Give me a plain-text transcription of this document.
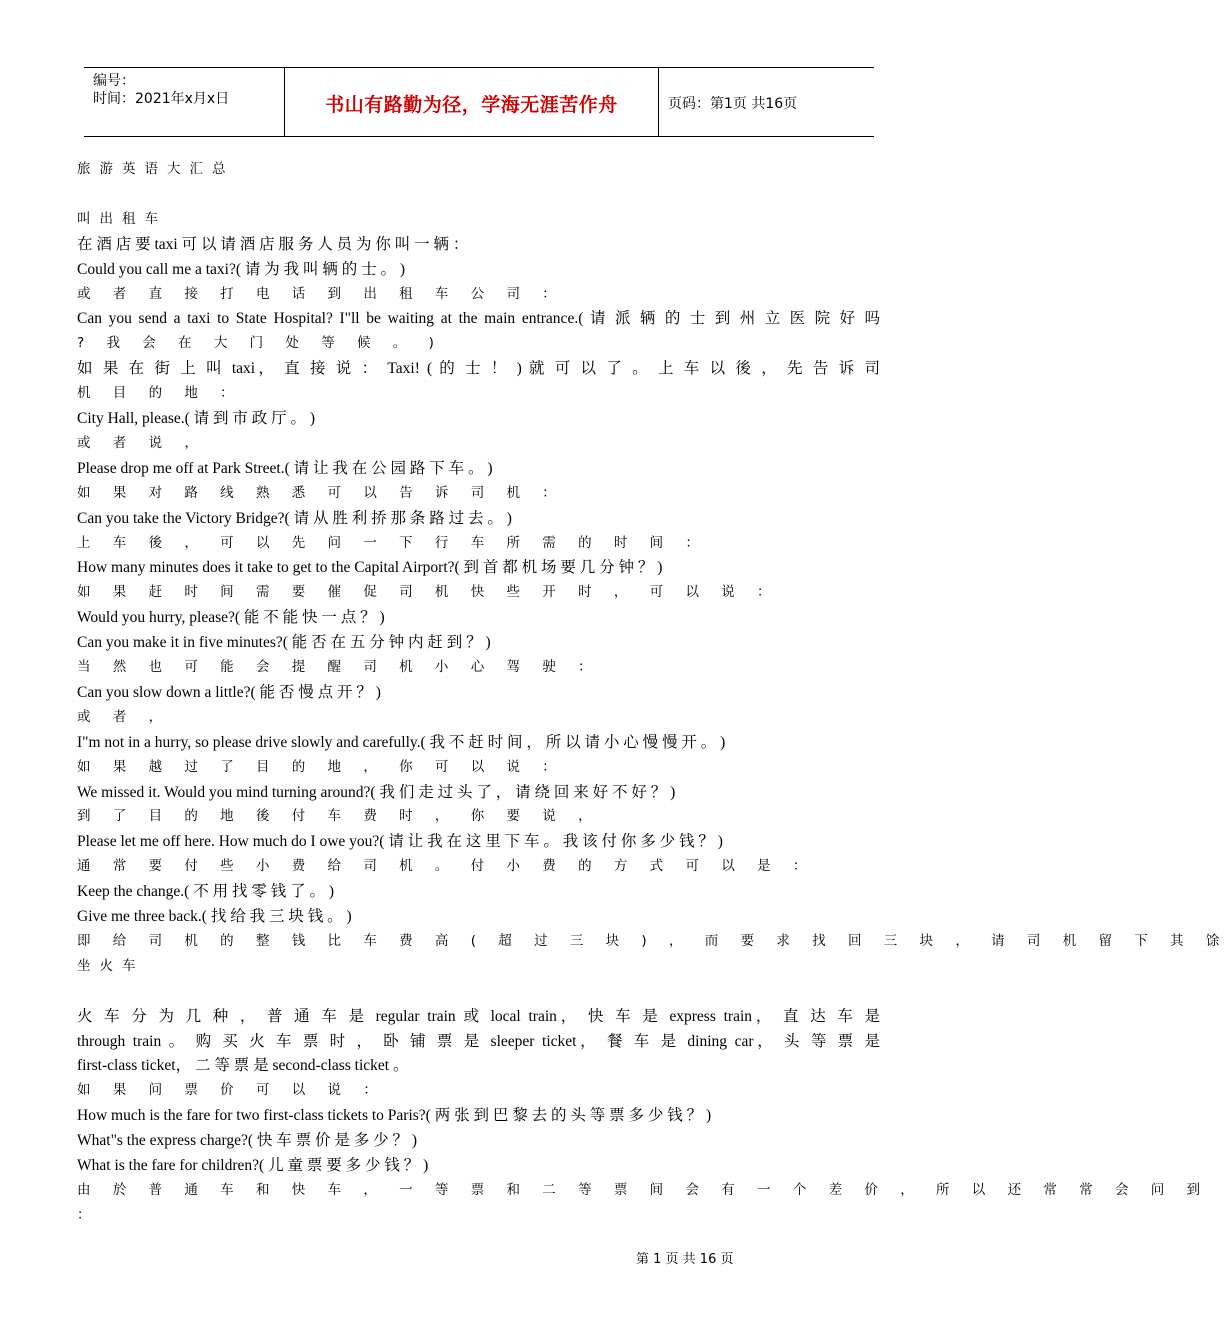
编号：
时间：2021年x月x日	书山有路勤为径，学海无涯苦作舟	页码：第1页 共16页
旅游英语大汇总
叫出租车
在 酒 店 要 taxi 可 以 请 酒 店 服 务 人 员 为 你 叫 一 辆 ：
Could you call me a taxi?( 请 为 我 叫 辆 的 士 。 )
或 者 直 接 打 电 话 到 出 租 车 公 司 ：
Can you send a taxi to State Hospital? I"ll be waiting at the main entrance.( 请 派 辆 的 士 到 州 立 医 院 好 吗
? 我 会 在 大 门 处 等 候 。 )
如 果 在 街 上 叫 taxi， 直 接 说 ： Taxi! ( 的 士 ！ ) 就 可 以 了 。 上 车 以 後 ， 先 告 诉 司
机 目 的 地 ：
City Hall, please.( 请 到 市 政 厅 。 )
或 者 说 ，
Please drop me off at Park Street.( 请 让 我 在 公 园 路 下 车 。 )
如 果 对 路 线 熟 悉 可 以 告 诉 司 机 ：
Can you take the Victory Bridge?( 请 从 胜 利 挢 那 条 路 过 去 。 )
上 车 後 ， 可 以 先 问 一 下 行 车 所 需 的 时 间 ：
How many minutes does it take to get to the Capital Airport?( 到 首 都 机 场 要 几 分 钟 ？ )
如 果 赶 时 间 需 要 催 促 司 机 快 些 开 时 ， 可 以 说 ：
Would you hurry, please?( 能 不 能 快 一 点 ？ )
Can you make it in five minutes?( 能 否 在 五 分 钟 内 赶 到 ？ )
当 然 也 可 能 会 提 醒 司 机 小 心 驾 驶 ：
Can you slow down a little?( 能 否 慢 点 开 ？ )
或 者 ，
I"m not in a hurry, so please drive slowly and carefully.( 我 不 赶 时 间 ， 所 以 请 小 心 慢 慢 开 。 )
如 果 越 过 了 目 的 地 ， 你 可 以 说 ：
We missed it. Would you mind turning around?( 我 们 走 过 头 了 ， 请 绕 回 来 好 不 好 ？ )
到 了 目 的 地 後 付 车 费 时 ， 你 要 说 ，
Please let me off here. How much do I owe you?( 请 让 我 在 这 里 下 车 。 我 该 付 你 多 少 钱 ？ )
通 常 要 付 些 小 费 给 司 机 。 付 小 费 的 方 式 可 以 是 ：
Keep the change.( 不 用 找 零 钱 了 。 )
Give me three back.( 找 给 我 三 块 钱 。 )
即 给 司 机 的 整 钱 比 车 费 高 ( 超 过 三 块 ) ， 而 要 求 找 回 三 块 ， 请 司 机 留 下 其 馀
坐火车
火 车 分 为 几 种 ， 普 通 车 是 regular train 或 local train， 快 车 是 express train， 直 达 车 是
through train 。 购 买 火 车 票 时 ， 卧 铺 票 是 sleeper ticket， 餐 车 是 dining car， 头 等 票 是
first-class ticket， 二 等 票 是 second-class ticket 。
如 果 问 票 价 可 以 说 ：
How much is the fare for two first-class tickets to Paris?( 两 张 到 巴 黎 去 的 头 等 票 多 少 钱 ？ )
What"s the express charge?( 快 车 票 价 是 多 少 ？ )
What is the fare for children?( 儿 童 票 要 多 少 钱 ？ )
由 於 普 通 车 和 快 车 ， 一 等 票 和 二 等 票 间 会 有 一 个 差 价 ， 所 以 还 常 常 会 问 到
：
第 1 页 共 16 页
